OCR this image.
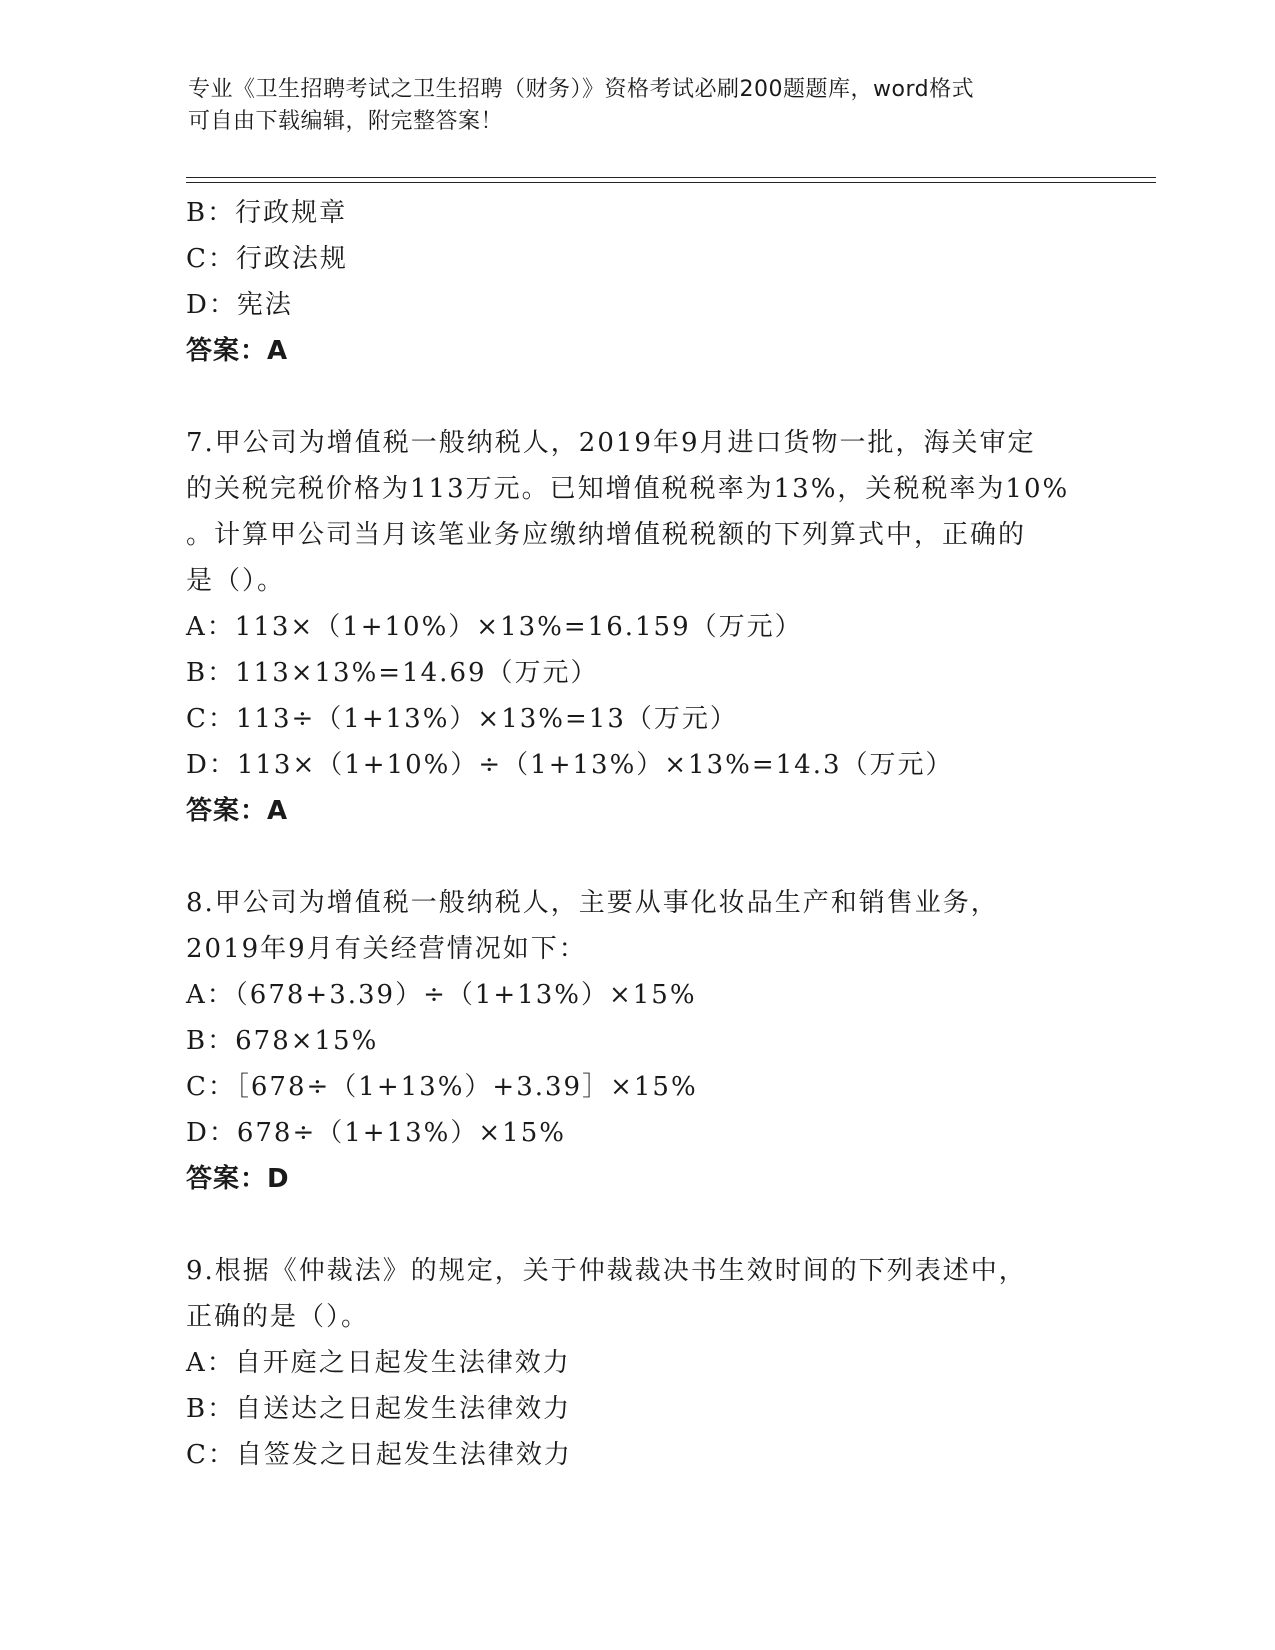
专业《卫生招聘考试之卫生招聘（财务）》资格考试必刷200题题库，word格式
可自由下载编辑，附完整答案！
B：行政规章
C：行政法规
D：宪法
答案：A
7.甲公司为增值税一般纳税人，2019年9月进口货物一批，海关审定
的关税完税价格为113万元。已知增值税税率为13%，关税税率为10%
。计算甲公司当月该笔业务应缴纳增值税税额的下列算式中，正确的
是（）。
A：113×（1+10%）×13%=16.159（万元）
B：113×13%=14.69（万元）
C：113÷（1+13%）×13%=13（万元）
D：113×（1+10%）÷（1+13%）×13%=14.3（万元）
答案：A
8.甲公司为增值税一般纳税人，主要从事化妆品生产和销售业务，
2019年9月有关经营情况如下：
A：（678+3.39）÷（1+13%）×15%
B：678×15%
C：［678÷（1+13%）+3.39］×15%
D：678÷（1+13%）×15%
答案：D
9.根据《仲裁法》的规定，关于仲裁裁决书生效时间的下列表述中，
正确的是（）。
A：自开庭之日起发生法律效力
B：自送达之日起发生法律效力
C：自签发之日起发生法律效力
